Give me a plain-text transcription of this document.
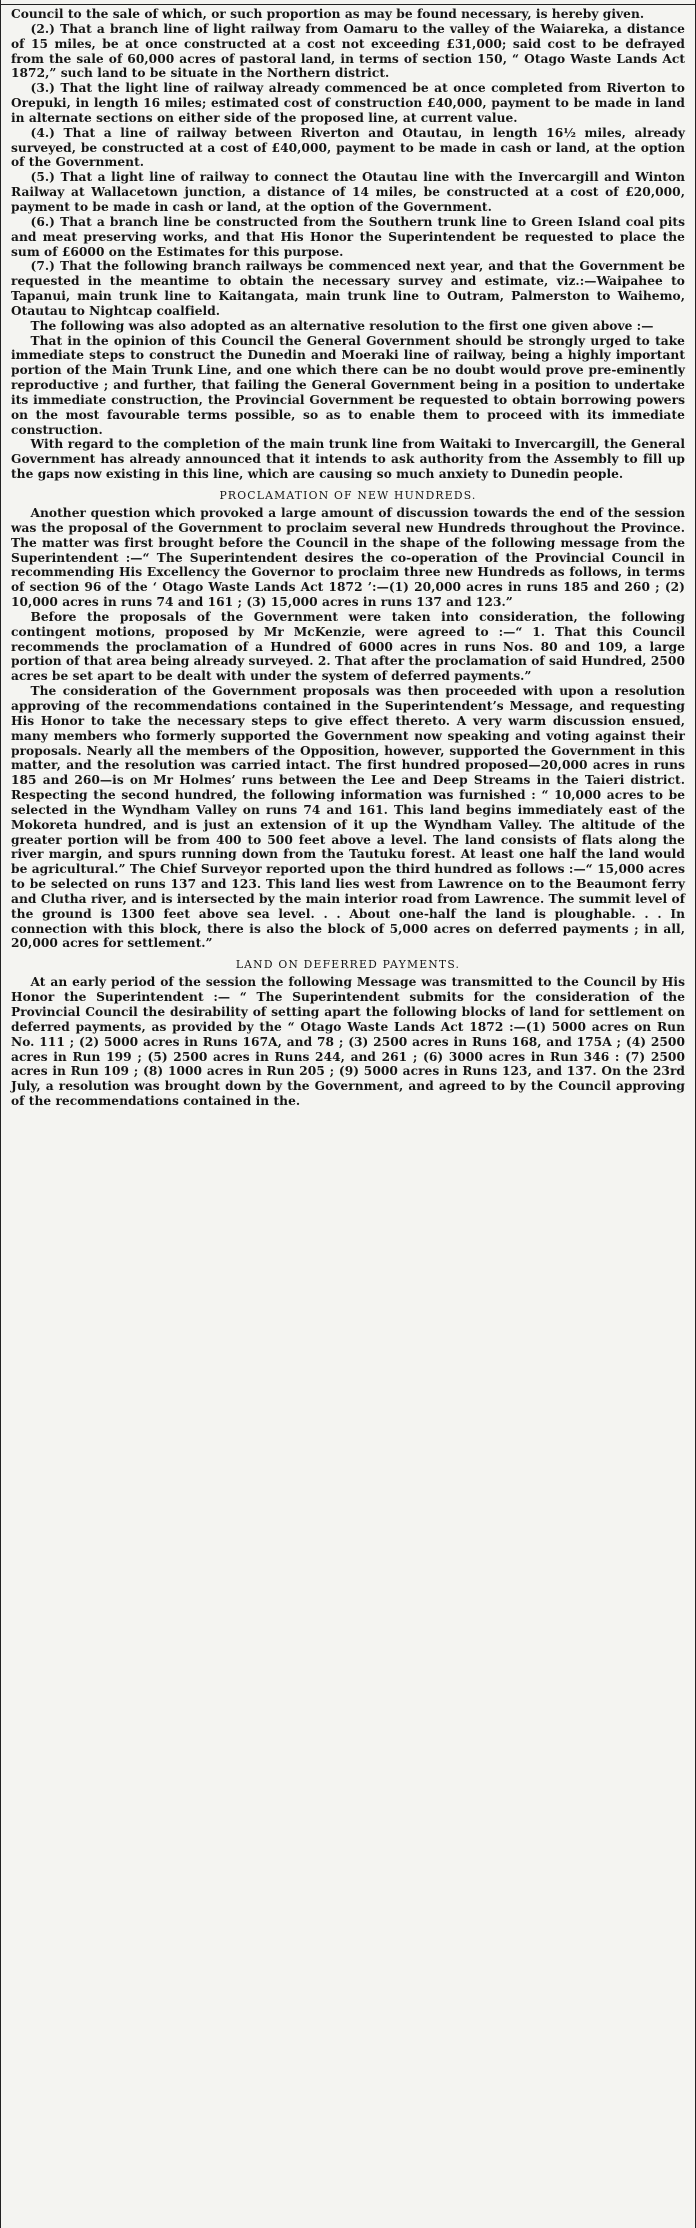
Council to the sale of which, or such proportion as may be found necessary, is hereby given.

(2.) That a branch line of light railway from Oamaru to the valley of the Waiareka, a distance of 15 miles, be at once constructed at a cost not exceeding £31,000; said cost to be defrayed from the sale of 60,000 acres of pastoral land, in terms of section 150, “ Otago Waste Lands Act 1872,” such land to be situate in the Northern district.

(3.) That the light line of railway already commenced be at once completed from Riverton to Orepuki, in length 16 miles; estimated cost of construction £40,000, payment to be made in land in alternate sections on either side of the proposed line, at current value.

(4.) That a line of railway between Riverton and Otautau, in length 16½ miles, already surveyed, be constructed at a cost of £40,000, payment to be made in cash or land, at the option of the Government.

(5.) That a light line of railway to connect the Otautau line with the Invercargill and Winton Railway at Wallacetown junction, a distance of 14 miles, be constructed at a cost of £20,000, payment to be made in cash or land, at the option of the Government.

(6.) That a branch line be constructed from the Southern trunk line to Green Island coal pits and meat preserving works, and that His Honor the Superintendent be requested to place the sum of £6000 on the Estimates for this purpose.

(7.) That the following branch railways be commenced next year, and that the Government be requested in the meantime to obtain the necessary survey and estimate, viz.:—Waipahee to Tapanui, main trunk line to Kaitangata, main trunk line to Outram, Palmerston to Waihemo, Otautau to Nightcap coalfield.

The following was also adopted as an alternative resolution to the first one given above :—

That in the opinion of this Council the General Government should be strongly urged to take immediate steps to construct the Dunedin and Moeraki line of railway, being a highly important portion of the Main Trunk Line, and one which there can be no doubt would prove pre-eminently reproductive ; and further, that failing the General Government being in a position to undertake its immediate construction, the Provincial Government be requested to obtain borrowing powers on the most favourable terms possible, so as to enable them to proceed with its immediate construction.

With regard to the completion of the main trunk line from Waitaki to Invercargill, the General Government has already announced that it intends to ask authority from the Assembly to fill up the gaps now existing in this line, which are causing so much anxiety to Dunedin people.

PROCLAMATION OF NEW HUNDREDS.

Another question which provoked a large amount of discussion towards the end of the session was the proposal of the Government to proclaim several new Hundreds throughout the Province. The matter was first brought before the Council in the shape of the following message from the Superintendent :—“ The Superintendent desires the co-operation of the Provincial Council in recommending His Excellency the Governor to proclaim three new Hundreds as follows, in terms of section 96 of the ‘ Otago Waste Lands Act 1872 ’:—(1) 20,000 acres in runs 185 and 260 ; (2) 10,000 acres in runs 74 and 161 ; (3) 15,000 acres in runs 137 and 123.”

Before the proposals of the Government were taken into consideration, the following contingent motions, proposed by Mr McKenzie, were agreed to :—“ 1. That this Council recommends the proclamation of a Hundred of 6000 acres in runs Nos. 80 and 109, a large portion of that area being already surveyed. 2. That after the proclamation of said Hundred, 2500 acres be set apart to be dealt with under the system of deferred payments.”

The consideration of the Government proposals was then proceeded with upon a resolution approving of the recommendations contained in the Superintendent’s Message, and requesting His Honor to take the necessary steps to give effect thereto. A very warm discussion ensued, many members who formerly supported the Government now speaking and voting against their proposals. Nearly all the members of the Opposition, however, supported the Government in this matter, and the resolution was carried intact. The first hundred proposed—20,000 acres in runs 185 and 260—is on Mr Holmes’ runs between the Lee and Deep Streams in the Taieri district. Respecting the second hundred, the following information was furnished : “ 10,000 acres to be selected in the Wyndham Valley on runs 74 and 161. This land begins immediately east of the Mokoreta hundred, and is just an extension of it up the Wyndham Valley. The altitude of the greater portion will be from 400 to 500 feet above a level. The land consists of flats along the river margin, and spurs running down from the Tautuku forest. At least one half the land would be agricultural.” The Chief Surveyor reported upon the third hundred as follows :—“ 15,000 acres to be selected on runs 137 and 123. This land lies west from Lawrence on to the Beaumont ferry and Clutha river, and is intersected by the main interior road from Lawrence. The summit level of the ground is 1300 feet above sea level. . . About one-half the land is ploughable. . . In connection with this block, there is also the block of 5,000 acres on deferred payments ; in all, 20,000 acres for settlement.”

LAND ON DEFERRED PAYMENTS.

At an early period of the session the following Message was transmitted to the Council by His Honor the Superintendent :— “ The Superintendent submits for the consideration of the Provincial Council the desirability of setting apart the following blocks of land for settlement on deferred payments, as provided by the “ Otago Waste Lands Act 1872 :—(1) 5000 acres on Run No. 111 ; (2) 5000 acres in Runs 167A, and 78 ; (3) 2500 acres in Runs 168, and 175A ; (4) 2500 acres in Run 199 ; (5) 2500 acres in Runs 244, and 261 ; (6) 3000 acres in Run 346 : (7) 2500 acres in Run 109 ; (8) 1000 acres in Run 205 ; (9) 5000 acres in Runs 123, and 137. On the 23rd July, a resolution was brought down by the Government, and agreed to by the Council approving of the recommendations contained in the.
